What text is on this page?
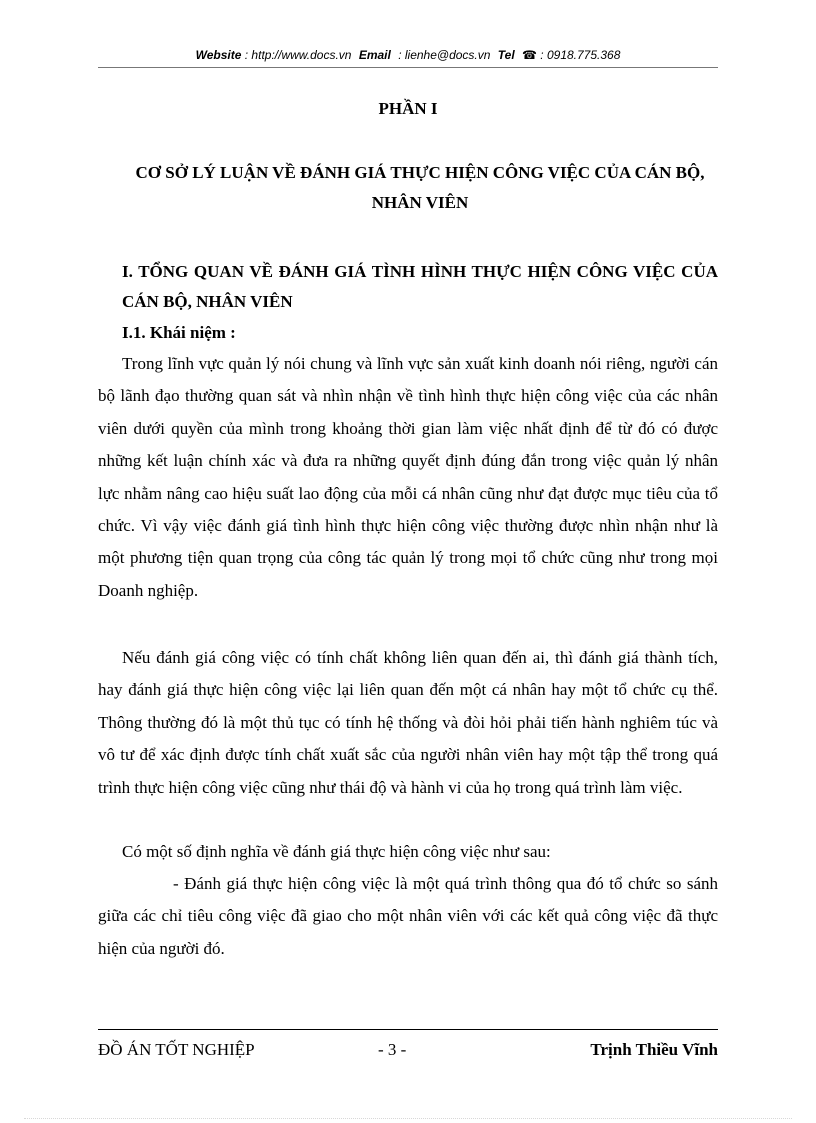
Website : http://www.docs.vn Email : lienhe@docs.vn Tel ☎ : 0918.775.368
PHẦN I
CƠ SỞ LÝ LUẬN VỀ ĐÁNH GIÁ THỰC HIỆN CÔNG VIỆC CỦA CÁN BỘ, NHÂN VIÊN
I. TỔNG QUAN VỀ ĐÁNH GIÁ TÌNH HÌNH THỰC HIỆN CÔNG VIỆC CỦA CÁN BỘ, NHÂN VIÊN
I.1. Khái niệm :
Trong lĩnh vực quản lý nói chung và lĩnh vực sản xuất kinh doanh nói riêng, người cán bộ lãnh đạo thường quan sát và nhìn nhận về tình hình thực hiện công việc của các nhân viên dưới quyền của mình trong khoảng thời gian làm việc nhất định để từ đó có được những kết luận chính xác và đưa ra những quyết định đúng đắn trong việc quản lý nhân lực nhằm nâng cao hiệu suất lao động của mỗi cá nhân cũng như đạt được mục tiêu của tổ chức. Vì vậy việc đánh giá tình hình thực hiện công việc thường được nhìn nhận như là một phương tiện quan trọng của công tác quản lý trong mọi tổ chức cũng như trong mọi Doanh nghiệp.
Nếu đánh giá công việc có tính chất không liên quan đến ai, thì đánh giá thành tích, hay đánh giá thực hiện công việc lại liên quan đến một cá nhân hay một tổ chức cụ thể. Thông thường đó là một thủ tục có tính hệ thống và đòi hỏi phải tiến hành nghiêm túc và vô tư để xác định được tính chất xuất sắc của người nhân viên hay một tập thể trong quá trình thực hiện công việc cũng như thái độ và hành vi của họ trong quá trình làm việc.
Có một số định nghĩa về đánh giá thực hiện công việc như sau:
- Đánh giá thực hiện công việc là một quá trình thông qua đó tổ chức so sánh giữa các chỉ tiêu công việc đã giao cho một nhân viên với các kết quả công việc đã thực hiện của người đó.
ĐỒ ÁN TỐT NGHIỆP	- 3 -	Trịnh Thiều Vĩnh
